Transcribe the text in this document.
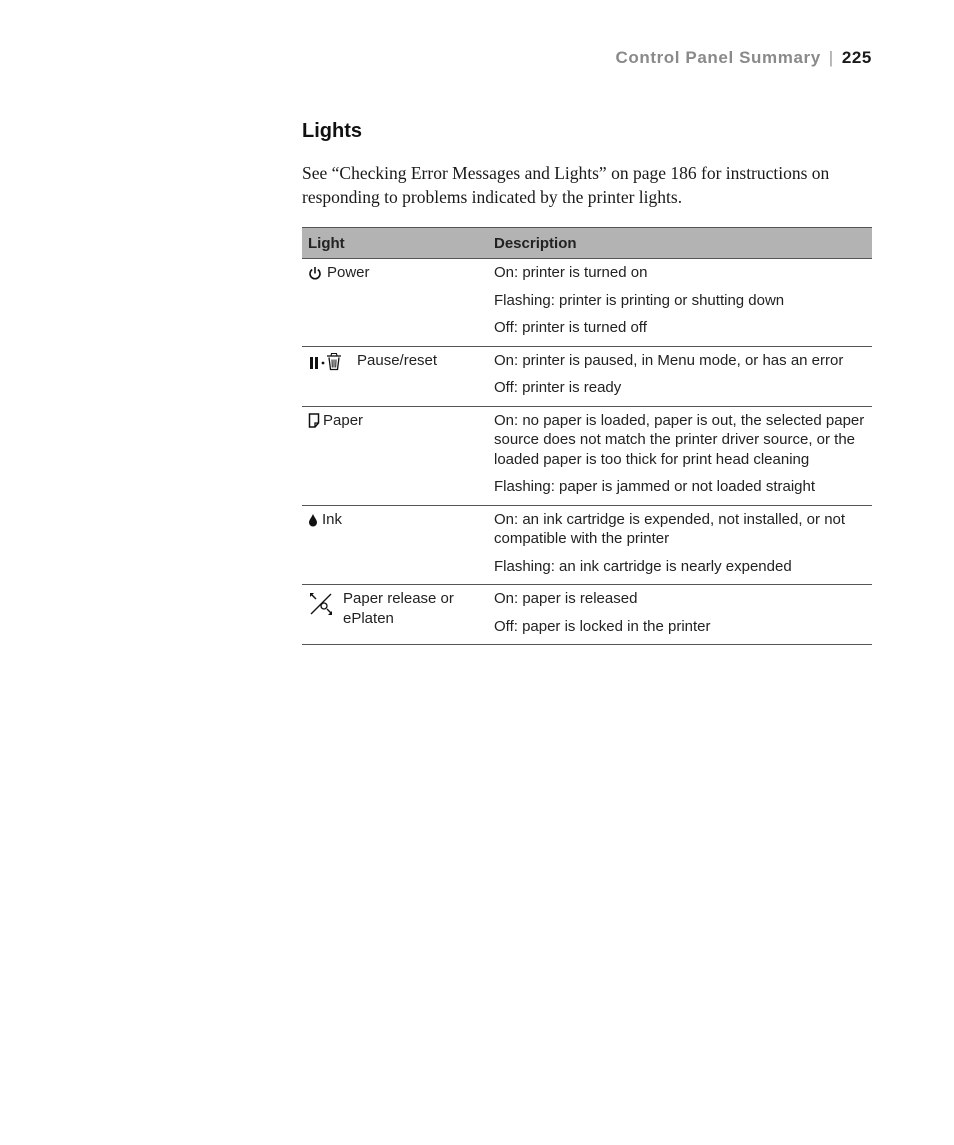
Control Panel Summary | 225
Lights

See “Checking Error Messages and Lights” on page 186 for instructions on responding to problems indicated by the printer lights.

Light	Description

Power	On: printer is turned on

Flashing: printer is printing or shutting down

Off: printer is turned off

Pause/reset	On: printer is paused, in Menu mode, or has an error

Off: printer is ready

Paper	On: no paper is loaded, paper is out, the selected paper source does not match the printer driver source, or the loaded paper is too thick for print head cleaning

Flashing: paper is jammed or not loaded straight

Ink	On: an ink cartridge is expended, not installed, or not compatible with the printer

Flashing: an ink cartridge is nearly expended

Paper release or ePlaten	On: paper is released

Off: paper is locked in the printer
